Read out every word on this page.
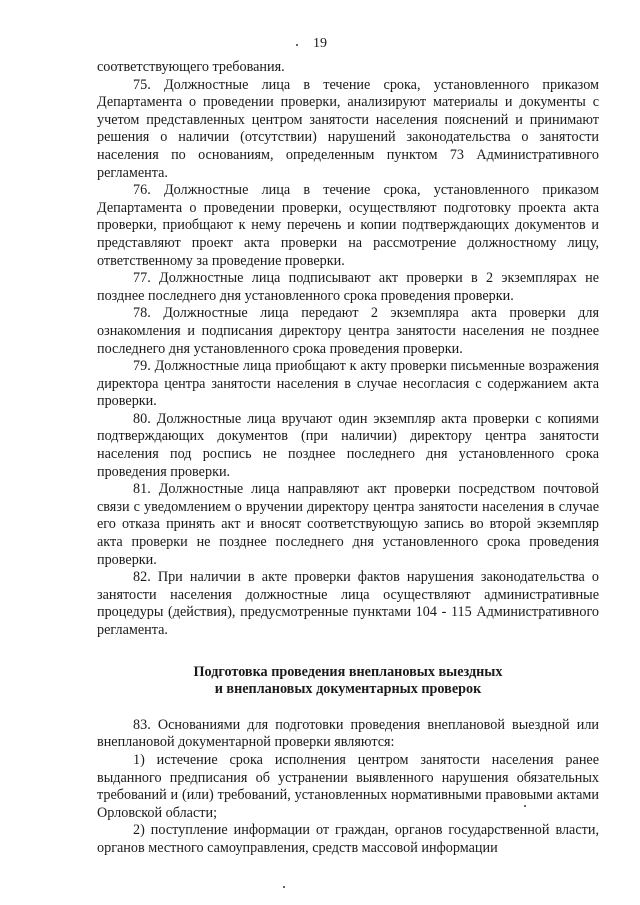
19

соответствующего требования.

75. Должностные лица в течение срока, установленного приказом Департамента о проведении проверки, анализируют материалы и документы с учетом представленных центром занятости населения пояснений и принимают решения о наличии (отсутствии) нарушений законодательства о занятости населения по основаниям, определенным пунктом 73 Административного регламента.

76. Должностные лица в течение срока, установленного приказом Департамента о проведении проверки, осуществляют подготовку проекта акта проверки, приобщают к нему перечень и копии подтверждающих документов и представляют проект акта проверки на рассмотрение должностному лицу, ответственному за проведение проверки.

77. Должностные лица подписывают акт проверки в 2 экземплярах не позднее последнего дня установленного срока проведения проверки.

78. Должностные лица передают 2 экземпляра акта проверки для ознакомления и подписания директору центра занятости населения не позднее последнего дня установленного срока проведения проверки.

79. Должностные лица приобщают к акту проверки письменные возражения директора центра занятости населения в случае несогласия с содержанием акта проверки.

80. Должностные лица вручают один экземпляр акта проверки с копиями подтверждающих документов (при наличии) директору центра занятости населения под роспись не позднее последнего дня установленного срока проведения проверки.

81. Должностные лица направляют акт проверки посредством почтовой связи с уведомлением о вручении директору центра занятости населения в случае его отказа принять акт и вносят соответствующую запись во второй экземпляр акта проверки не позднее последнего дня установленного срока проведения проверки.

82. При наличии в акте проверки фактов нарушения законодательства о занятости населения должностные лица осуществляют административные процедуры (действия), предусмотренные пунктами 104 - 115 Административного регламента.

Подготовка проведения внеплановых выездных
и внеплановых документарных проверок

83. Основаниями для подготовки проведения внеплановой выездной или внеплановой документарной проверки являются:

1) истечение срока исполнения центром занятости населения ранее выданного предписания об устранении выявленного нарушения обязательных требований и (или) требований, установленных нормативными правовыми актами Орловской области;

2) поступление информации от граждан, органов государственной власти, органов местного самоуправления, средств массовой информации
